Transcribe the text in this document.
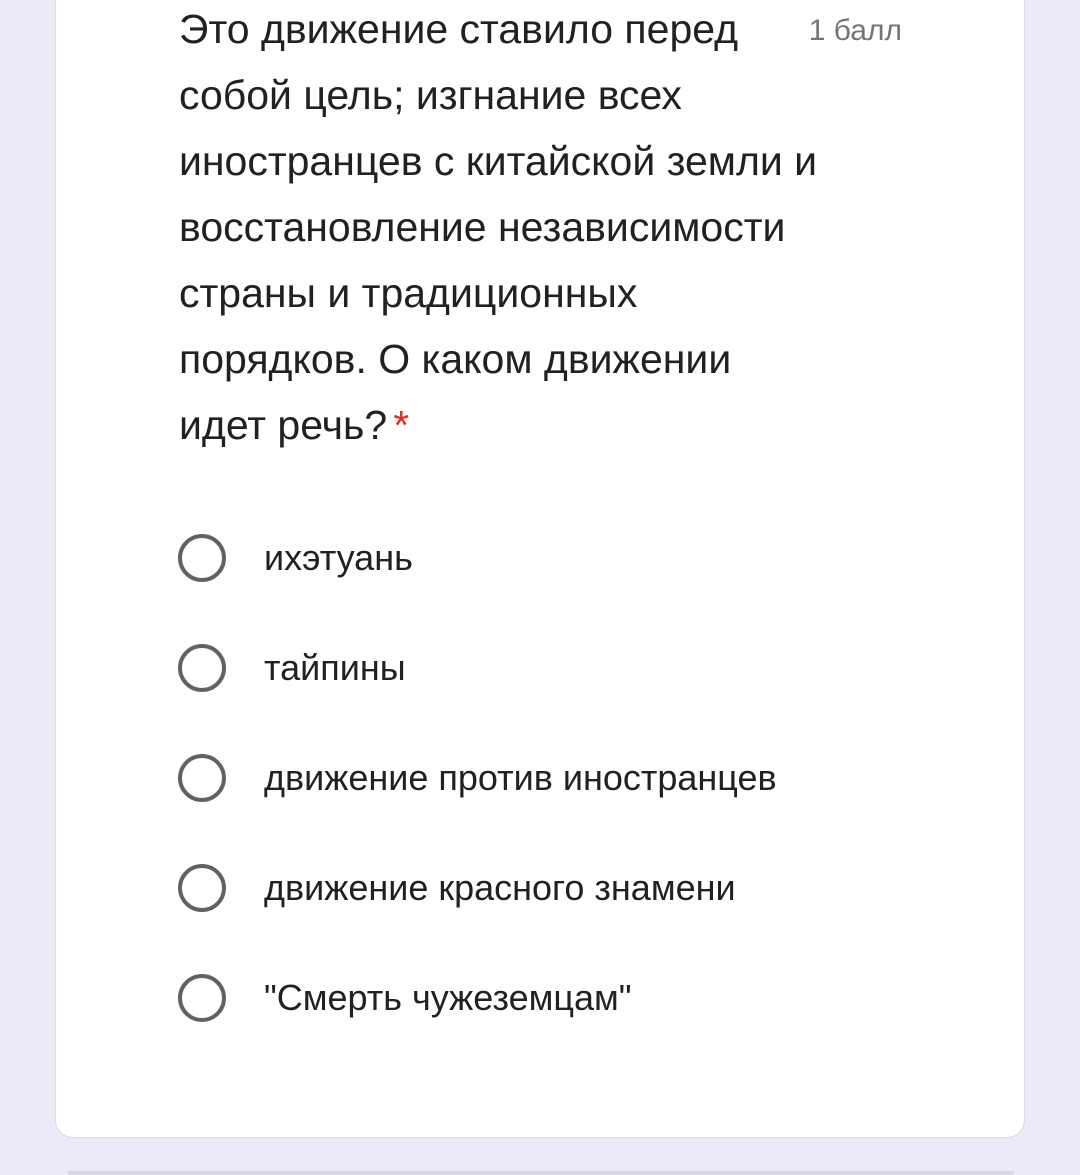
Это движение ставило перед
собой цель; изгнание всех
иностранцев с китайской земли и
восстановление независимости
страны и традиционных
порядков. О каком движении
идет речь? *
1 балл
ихэтуань
тайпины
движение против иностранцев
движение красного знамени
"Смерть чужеземцам"
